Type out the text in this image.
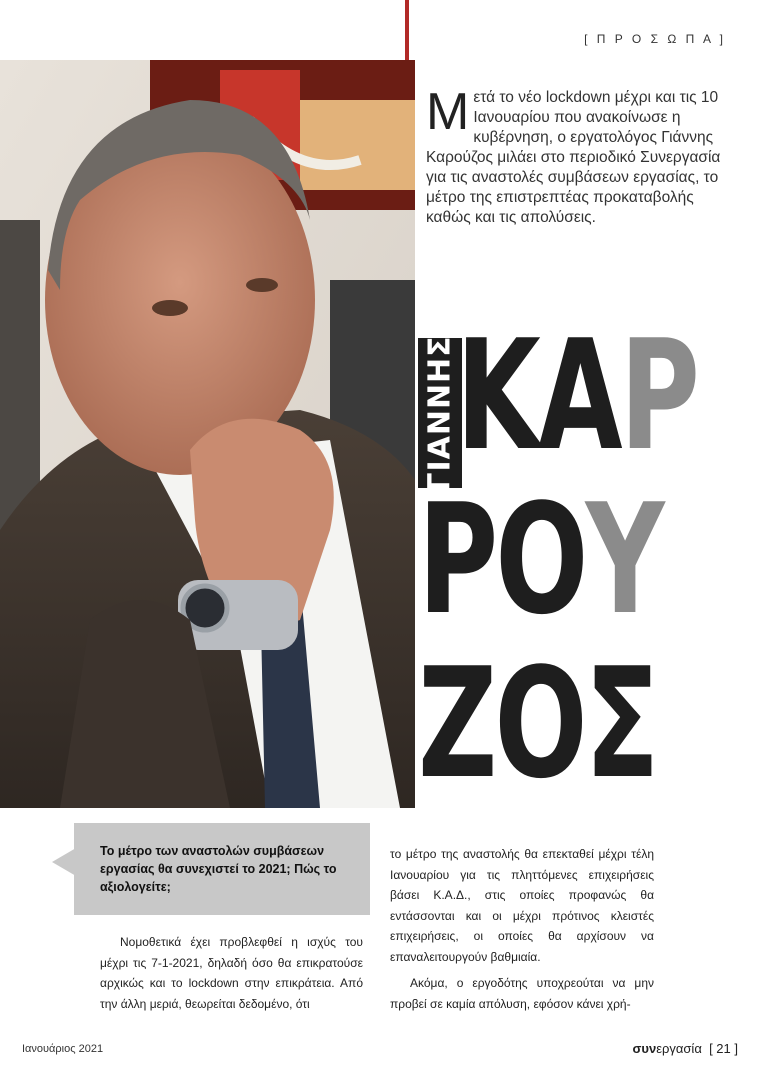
[ Π Ρ Ο Σ Ω Π Α ]
Μετά το νέο lockdown μέχρι και τις 10 Ιανουαρίου που ανακοίνωσε η κυβέρνηση, ο εργατολόγος Γιάννης Καρούζος μιλάει στο περιοδικό Συνεργασία για τις αναστολές συμβάσεων εργασίας, το μέτρο της επιστρεπτέας προκαταβολής καθώς και τις απολύσεις.
ΓΙΑΝΝΗΣ
ΚΑΡ
ΡΟΥ
ΖΟΣ
Το μέτρο των αναστολών συμβάσεων εργασίας θα συνεχιστεί το 2021; Πώς το αξιολογείτε;

Νομοθετικά έχει προβλεφθεί η ισχύς του μέχρι τις 7-1-2021, δηλαδή όσο θα επικρατούσε αρχικώς και το lockdown στην επικράτεια. Από την άλλη μεριά, θεωρείται δεδομένο, ότι

το μέτρο της αναστολής θα επεκταθεί μέχρι τέλη Ιανουαρίου για τις πληττόμενες επιχειρήσεις βάσει Κ.Α.Δ., στις οποίες προφανώς θα εντάσσονται και οι μέχρι πρότινος κλειστές επιχειρήσεις, οι οποίες θα αρχίσουν να επαναλειτουργούν βαθμιαία.

Ακόμα, ο εργοδότης υποχρεούται να μην προβεί σε καμία απόλυση, εφόσον κάνει χρή-

Ιανουάριος 2021	συνεργασία [ 21 ]
